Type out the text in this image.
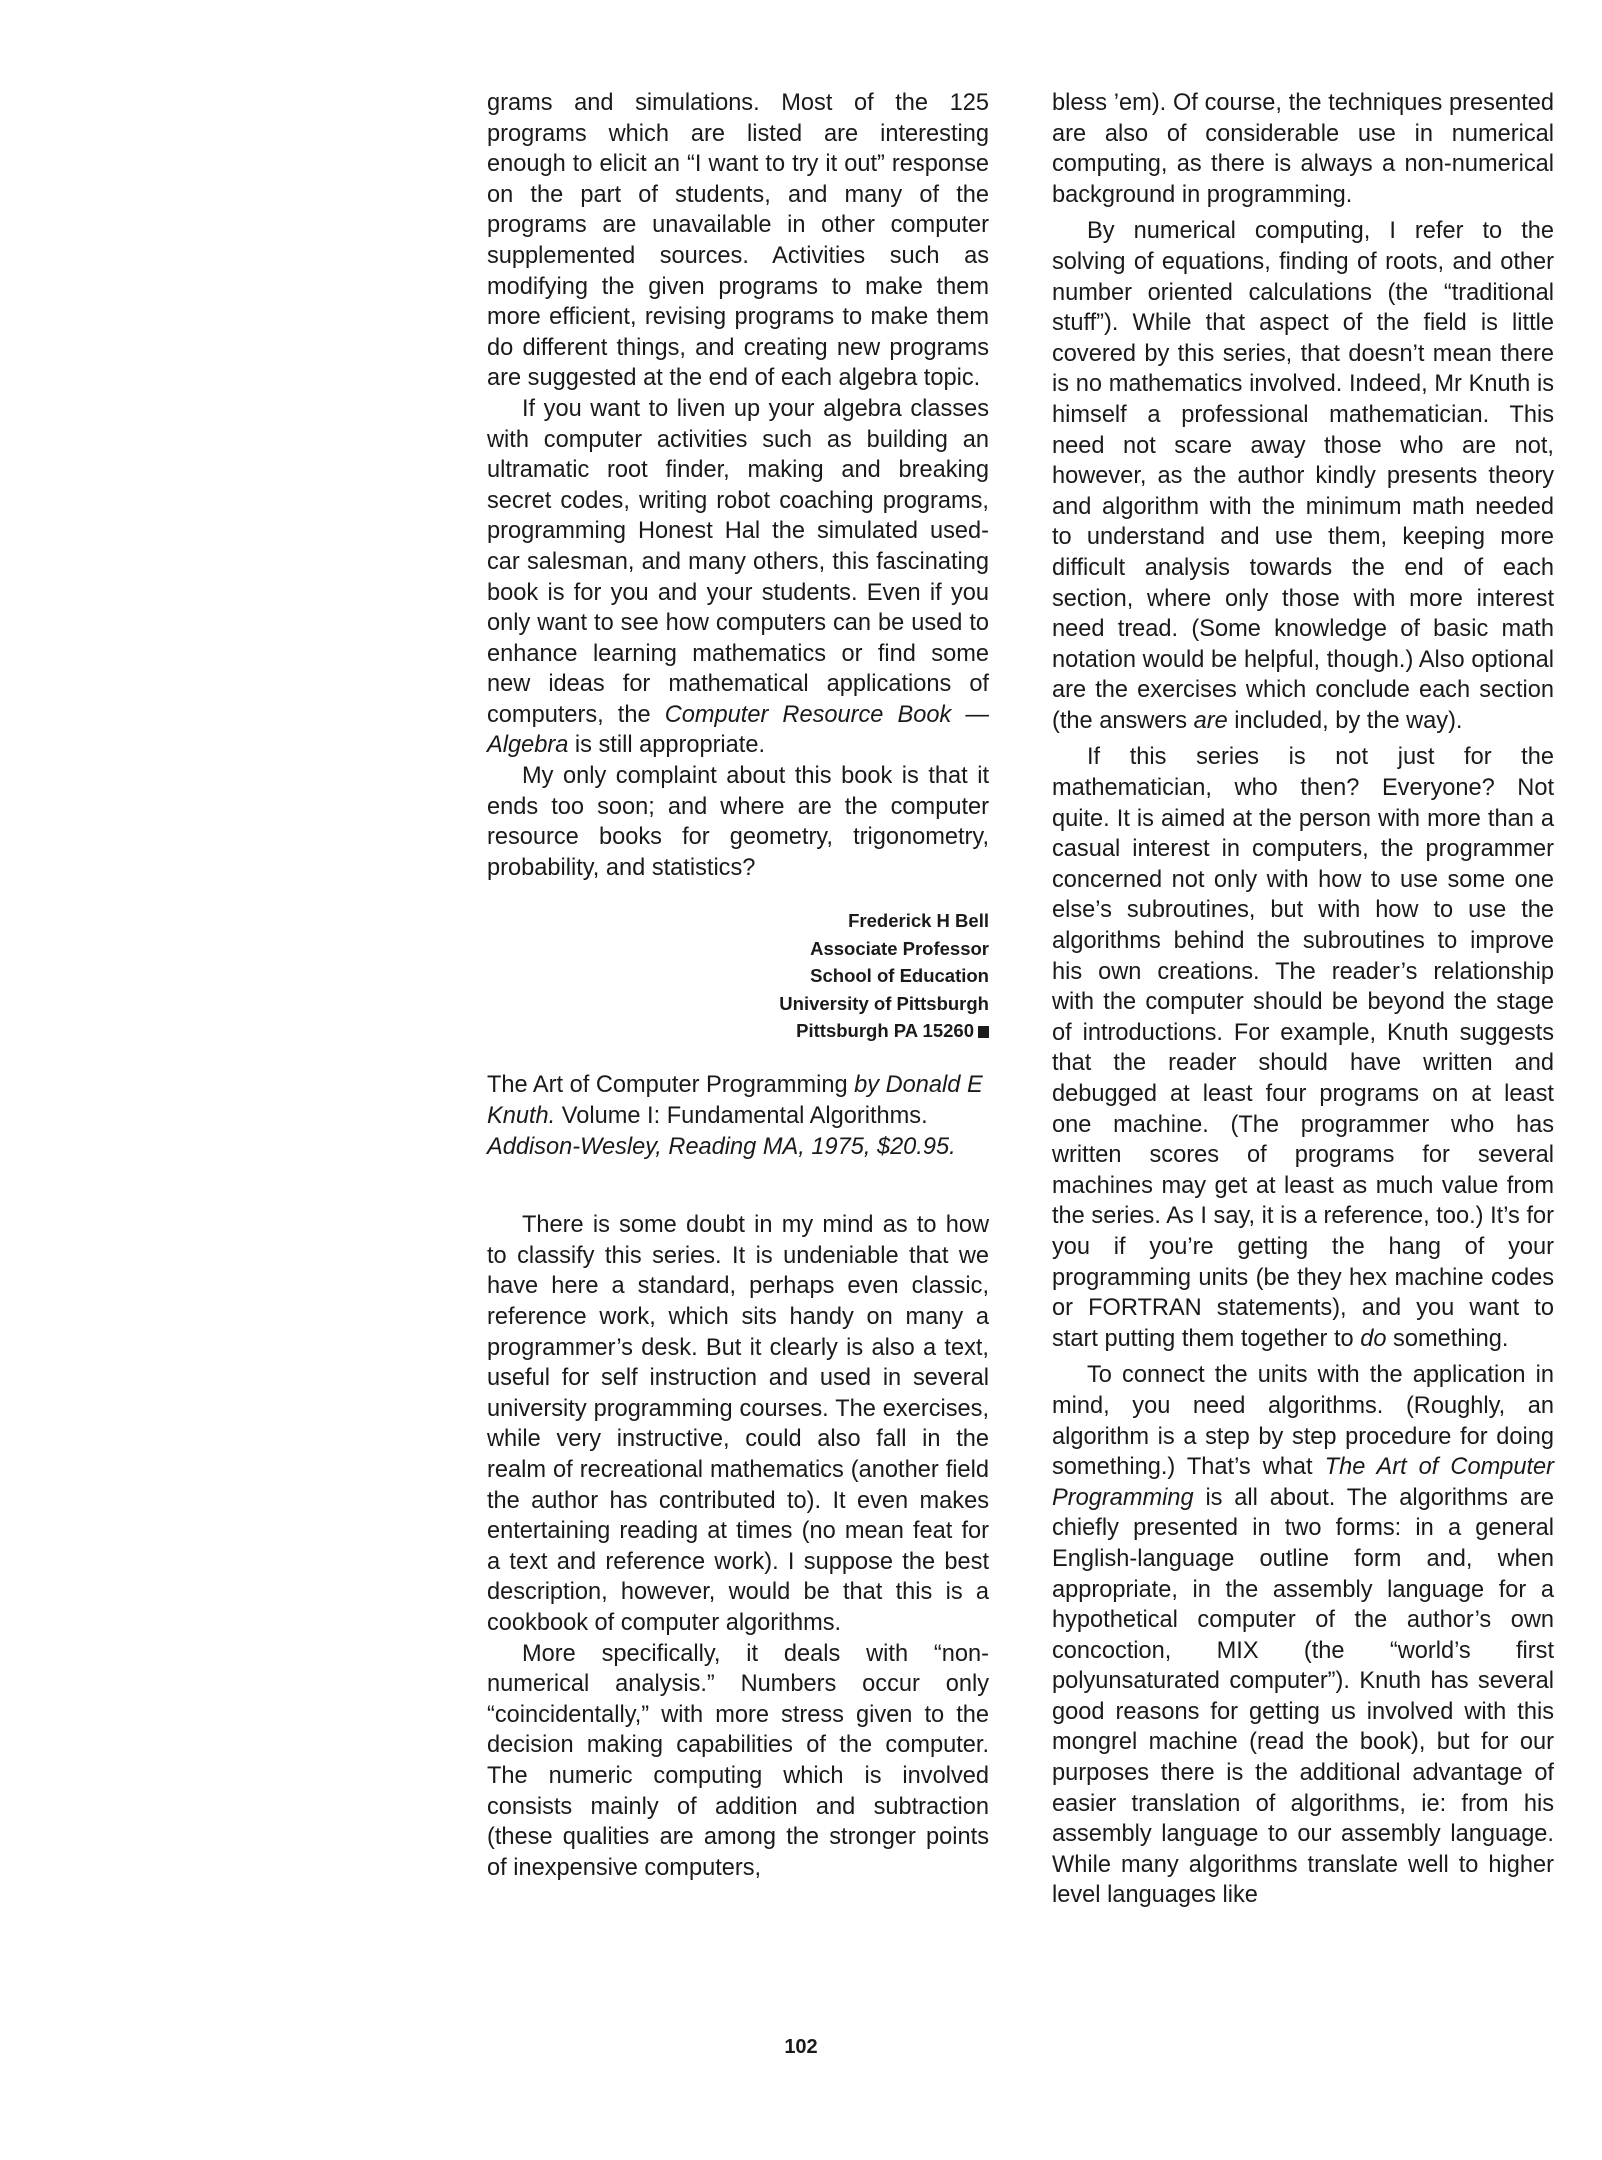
grams and simulations. Most of the 125 programs which are listed are interesting enough to elicit an “I want to try it out” response on the part of students, and many of the programs are unavailable in other computer supplemented sources. Activities such as modifying the given programs to make them more efficient, revising programs to make them do different things, and creating new programs are suggested at the end of each algebra topic.

If you want to liven up your algebra classes with computer activities such as building an ultramatic root finder, making and breaking secret codes, writing robot coaching programs, programming Honest Hal the simulated used-car salesman, and many others, this fascinating book is for you and your students. Even if you only want to see how computers can be used to enhance learning mathematics or find some new ideas for mathematical applications of computers, the Computer Resource Book — Algebra is still appropriate.

My only complaint about this book is that it ends too soon; and where are the computer resource books for geometry, trigonometry, probability, and statistics?

Frederick H Bell
Associate Professor
School of Education
University of Pittsburgh
Pittsburgh PA 15260

The Art of Computer Programming by Donald E Knuth. Volume I: Fundamental Algorithms. Addison-Wesley, Reading MA, 1975, $20.95.

There is some doubt in my mind as to how to classify this series. It is undeniable that we have here a standard, perhaps even classic, reference work, which sits handy on many a programmer’s desk. But it clearly is also a text, useful for self instruction and used in several university programming courses. The exercises, while very instructive, could also fall in the realm of recreational mathematics (another field the author has contributed to). It even makes entertaining reading at times (no mean feat for a text and reference work). I suppose the best description, however, would be that this is a cookbook of computer algorithms.

More specifically, it deals with “non-numerical analysis.” Numbers occur only “coincidentally,” with more stress given to the decision making capabilities of the computer. The numeric computing which is involved consists mainly of addition and subtraction (these qualities are among the stronger points of inexpensive computers,

bless ’em). Of course, the techniques presented are also of considerable use in numerical computing, as there is always a non-numerical background in programming.

By numerical computing, I refer to the solving of equations, finding of roots, and other number oriented calculations (the “traditional stuff”). While that aspect of the field is little covered by this series, that doesn’t mean there is no mathematics involved. Indeed, Mr Knuth is himself a professional mathematician. This need not scare away those who are not, however, as the author kindly presents theory and algorithm with the minimum math needed to understand and use them, keeping more difficult analysis towards the end of each section, where only those with more interest need tread. (Some knowledge of basic math notation would be helpful, though.) Also optional are the exercises which conclude each section (the answers are included, by the way).

If this series is not just for the mathematician, who then? Everyone? Not quite. It is aimed at the person with more than a casual interest in computers, the programmer concerned not only with how to use some one else’s subroutines, but with how to use the algorithms behind the subroutines to improve his own creations. The reader’s relationship with the computer should be beyond the stage of introductions. For example, Knuth suggests that the reader should have written and debugged at least four programs on at least one machine. (The programmer who has written scores of programs for several machines may get at least as much value from the series. As I say, it is a reference, too.) It’s for you if you’re getting the hang of your programming units (be they hex machine codes or FORTRAN statements), and you want to start putting them together to do something.

To connect the units with the application in mind, you need algorithms. (Roughly, an algorithm is a step by step procedure for doing something.) That’s what The Art of Computer Programming is all about. The algorithms are chiefly presented in two forms: in a general English-language outline form and, when appropriate, in the assembly language for a hypothetical computer of the author’s own concoction, MIX (the “world’s first polyunsaturated computer”). Knuth has several good reasons for getting us involved with this mongrel machine (read the book), but for our purposes there is the additional advantage of easier translation of algorithms, ie: from his assembly language to our assembly language. While many algorithms translate well to higher level languages like

102
